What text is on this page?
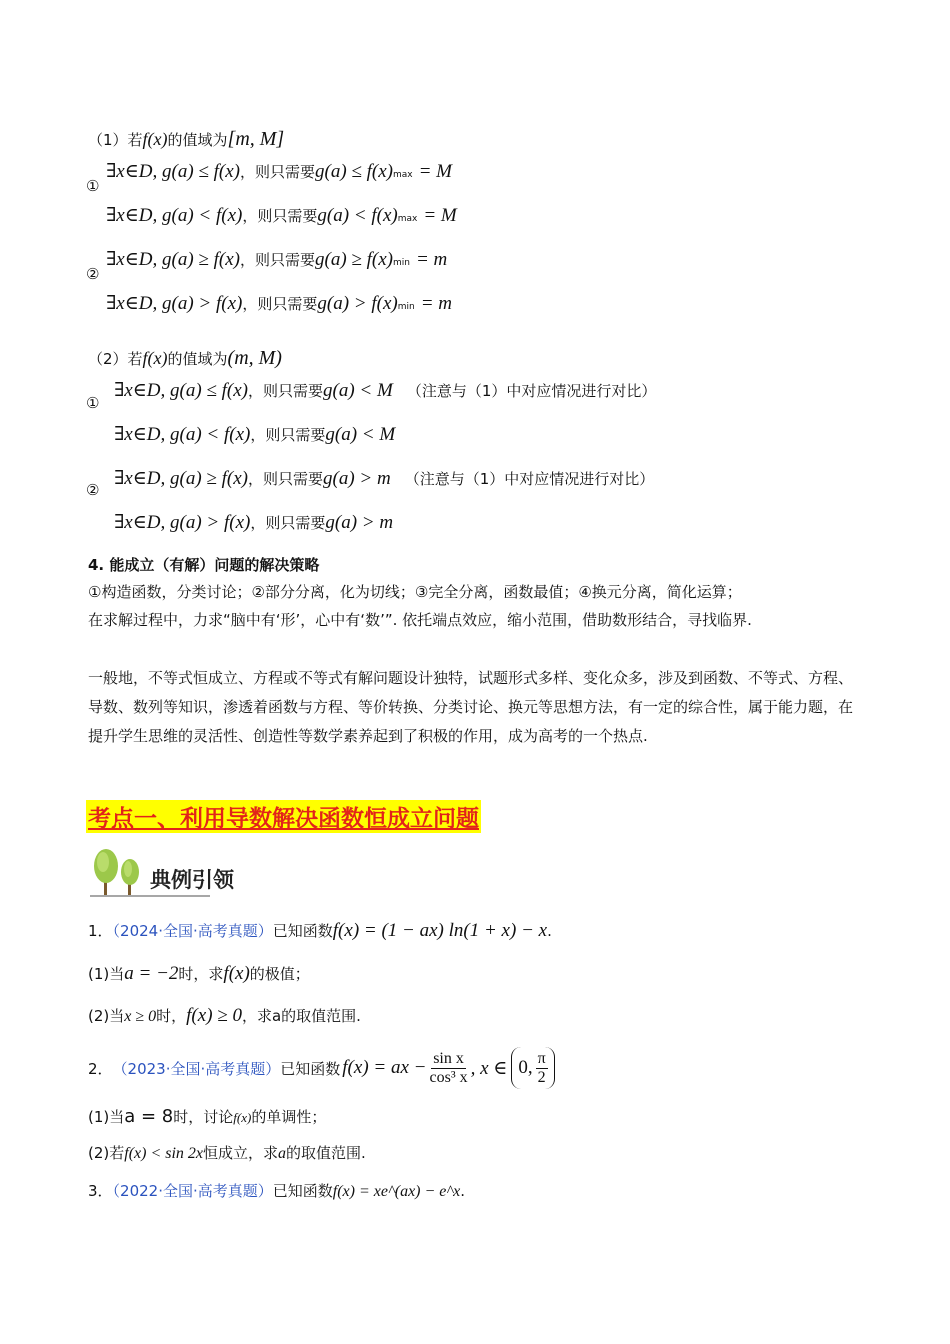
（1）若f(x)的值域为[m, M]
①
②
∃x∈D, g(a) ≤ f(x)，则只需要g(a) ≤ f(x)max = M
∃x∈D, g(a) < f(x)，则只需要g(a) < f(x)max = M
∃x∈D, g(a) ≥ f(x)，则只需要g(a) ≥ f(x)min = m
∃x∈D, g(a) > f(x)，则只需要g(a) > f(x)min = m
（2）若f(x)的值域为(m, M)
①
②
∃x∈D, g(a) ≤ f(x)，则只需要g(a) < M （注意与（1）中对应情况进行对比）
∃x∈D, g(a) < f(x)，则只需要g(a) < M
∃x∈D, g(a) ≥ f(x)，则只需要g(a) > m （注意与（1）中对应情况进行对比）
∃x∈D, g(a) > f(x)，则只需要g(a) > m
4. 能成立（有解）问题的解决策略
①构造函数，分类讨论；②部分分离，化为切线；③完全分离，函数最值；④换元分离，简化运算；
在求解过程中，力求“脑中有‘形’，心中有‘数’”. 依托端点效应，缩小范围，借助数形结合，寻找临界.
一般地，不等式恒成立、方程或不等式有解问题设计独特，试题形式多样、变化众多，涉及到函数、不等式、方程、导数、数列等知识，渗透着函数与方程、等价转换、分类讨论、换元等思想方法，有一定的综合性，属于能力题，在提升学生思维的灵活性、创造性等数学素养起到了积极的作用，成为高考的一个热点.
考点一、利用导数解决函数恒成立问题
典例引领
1．（2024·全国·高考真题）已知函数f(x) = (1 − ax) ln(1 + x) − x.
(1)当a = −2时，求f(x)的极值；
(2)当x ≥ 0时，f(x) ≥ 0，求a的取值范围.
2． （2023·全国·高考真题） 已知函数 f(x) = ax − $\frac{\text{sin x}}{\text{cos³ x}}$ , x ∈ 0, $\frac{\pi}{2}$
(1)当a = 8时，讨论f(x)的单调性；
(2)若f(x) < sin 2x恒成立，求a的取值范围.
3．（2022·全国·高考真题）已知函数f(x) = xe^(ax) − e^x.
